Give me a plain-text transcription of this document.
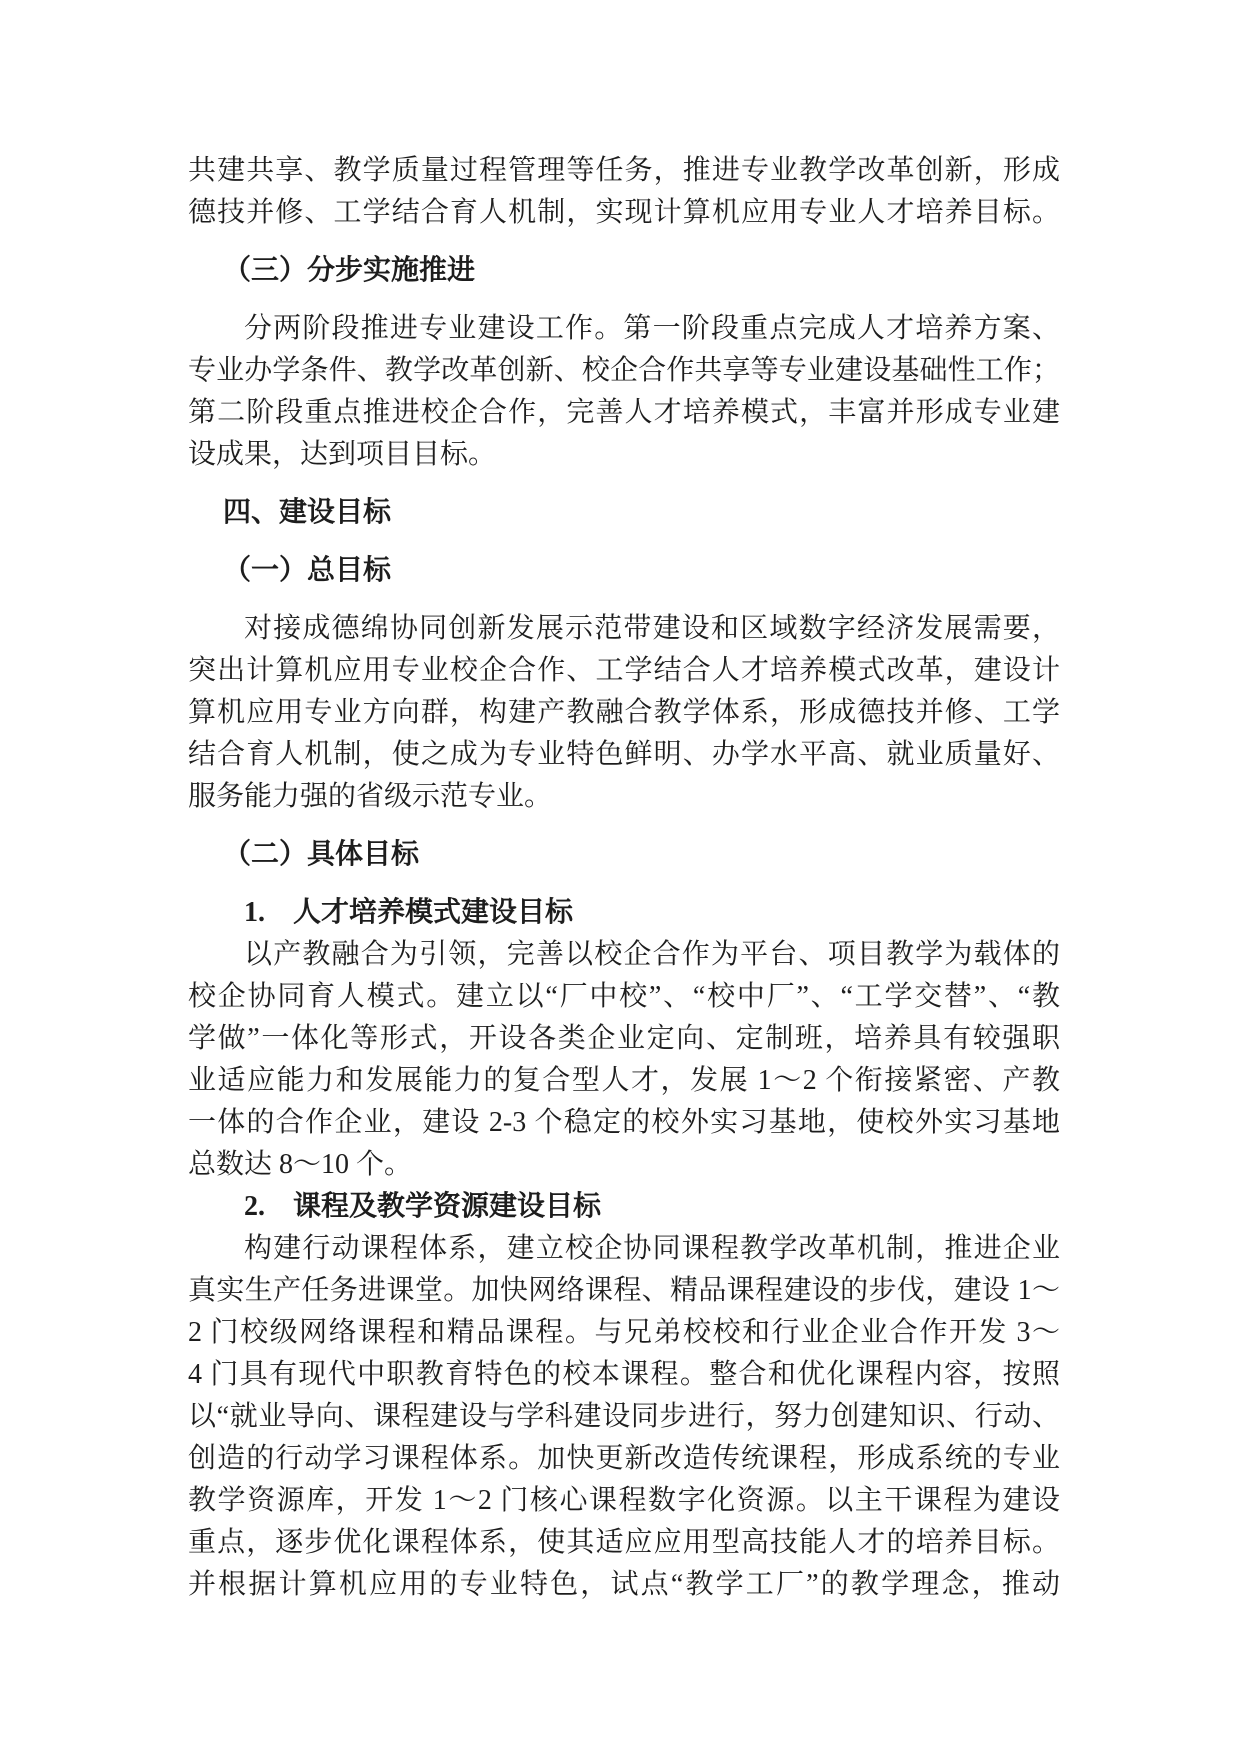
共建共享、教学质量过程管理等任务，推进专业教学改革创新，形成
德技并修、工学结合育人机制，实现计算机应用专业人才培养目标。
（三）分步实施推进
分两阶段推进专业建设工作。第一阶段重点完成人才培养方案、
专业办学条件、教学改革创新、校企合作共享等专业建设基础性工作；
第二阶段重点推进校企合作，完善人才培养模式，丰富并形成专业建
设成果，达到项目目标。
四、建设目标
（一）总目标
对接成德绵协同创新发展示范带建设和区域数字经济发展需要，
突出计算机应用专业校企合作、工学结合人才培养模式改革，建设计
算机应用专业方向群，构建产教融合教学体系，形成德技并修、工学
结合育人机制，使之成为专业特色鲜明、办学水平高、就业质量好、
服务能力强的省级示范专业。
（二）具体目标
1.　人才培养模式建设目标
以产教融合为引领，完善以校企合作为平台、项目教学为载体的
校企协同育人模式。建立以“厂中校”、“校中厂”、“工学交替”、“教
学做”一体化等形式，开设各类企业定向、定制班，培养具有较强职
业适应能力和发展能力的复合型人才，发展 1～2 个衔接紧密、产教
一体的合作企业，建设 2-3 个稳定的校外实习基地，使校外实习基地
总数达 8～10 个。
2.　课程及教学资源建设目标
构建行动课程体系，建立校企协同课程教学改革机制，推进企业
真实生产任务进课堂。加快网络课程、精品课程建设的步伐，建设 1～
2 门校级网络课程和精品课程。与兄弟校校和行业企业合作开发 3～
4 门具有现代中职教育特色的校本课程。整合和优化课程内容，按照
以“就业导向、课程建设与学科建设同步进行，努力创建知识、行动、
创造的行动学习课程体系。加快更新改造传统课程，形成系统的专业
教学资源库，开发 1～2 门核心课程数字化资源。以主干课程为建设
重点，逐步优化课程体系，使其适应应用型高技能人才的培养目标。
并根据计算机应用的专业特色，试点“教学工厂”的教学理念，推动
